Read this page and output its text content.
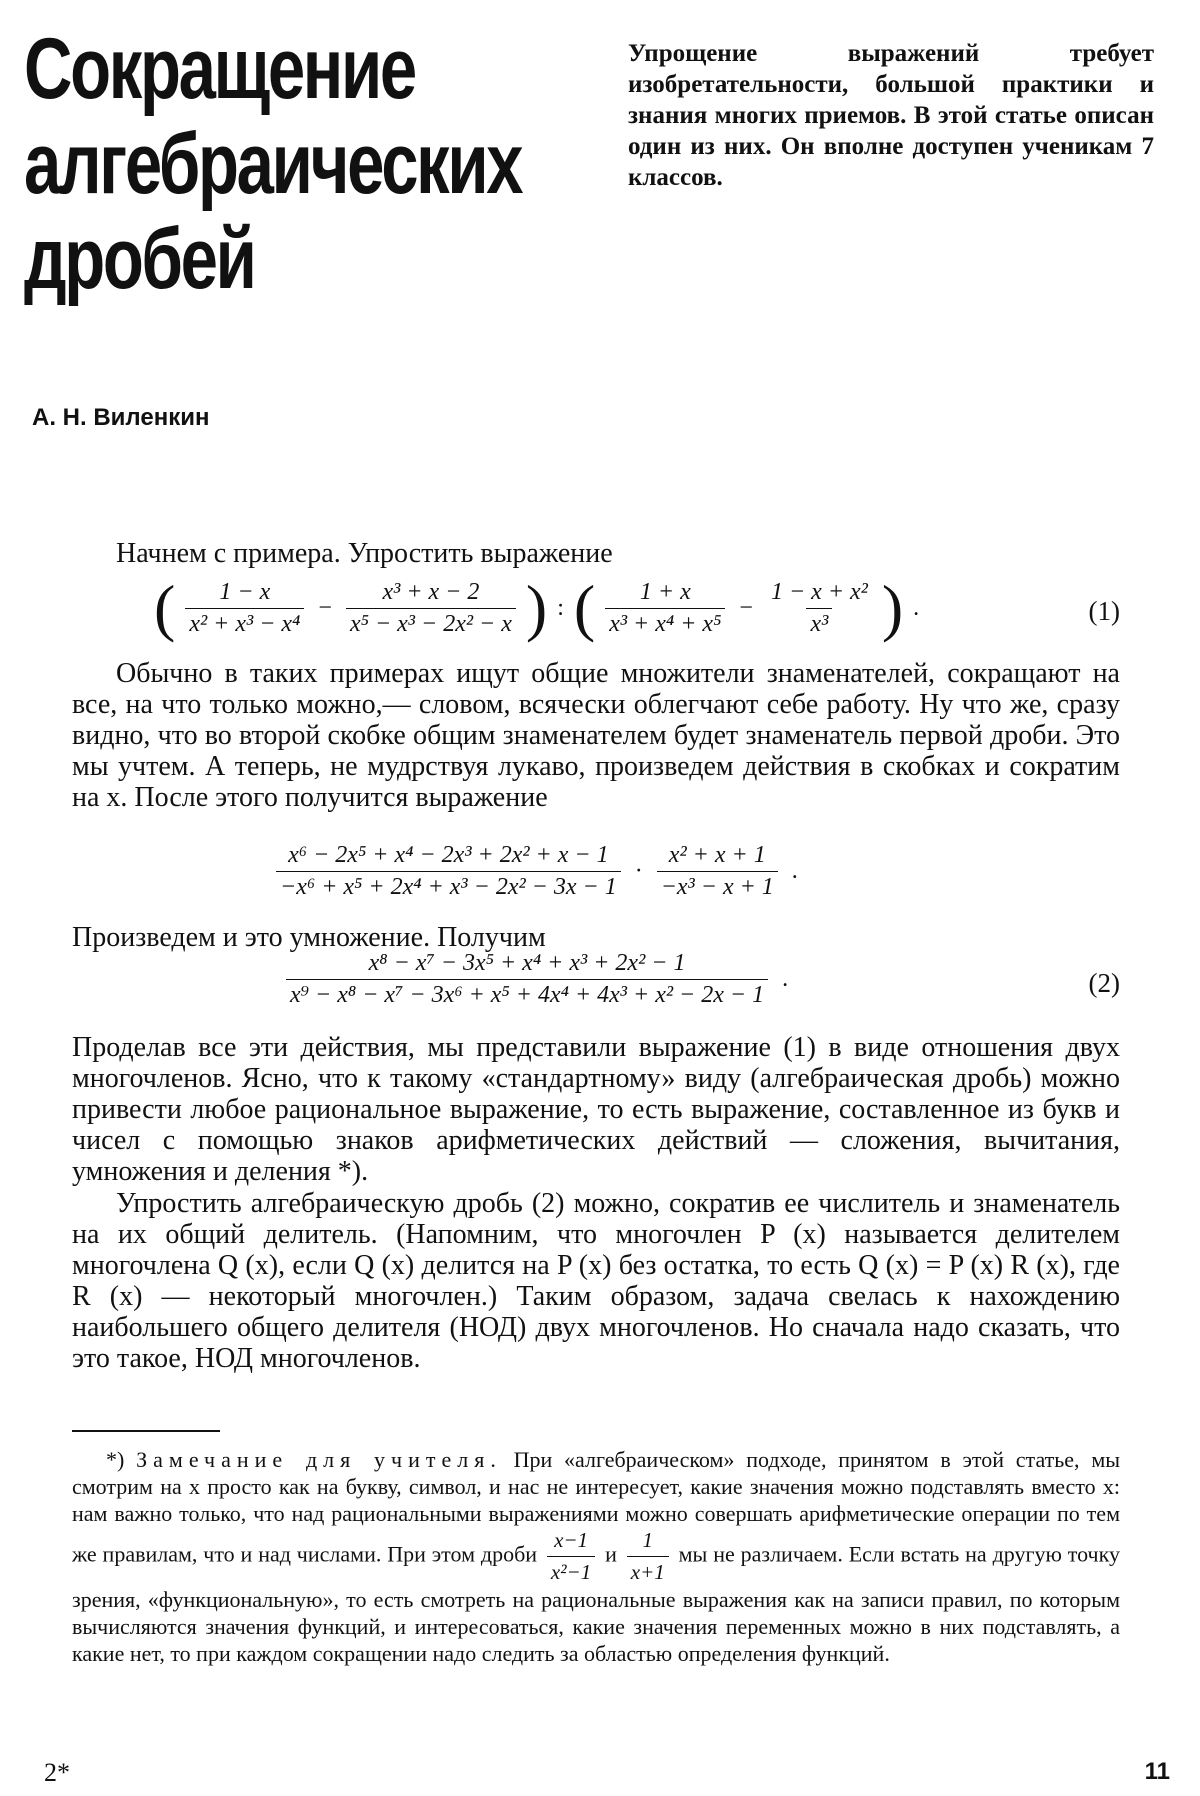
Сокращение
алгебраических
дробей
Упрощение выражений требует изобретательности, большой практики и знания многих приемов. В этой статье описан один из них. Он вполне доступен ученикам 7 классов.
А. Н. Виленкин
Начнем с примера. Упростить выражение
( $\frac{1 - x}{\text{x² + x³ − x⁴}} - \frac{\text{x³ + x − 2}}{\text{x⁵ − x³ − 2x² − x}}$ ) : ( $\frac{1 + x}{\text{x³ + x⁴ + x⁵}} - \frac{\text{1 − x + x²}}{\text{x³}}$ ) .	(1)
Обычно в таких примерах ищут общие множители знаменателей, сокращают на все, на что только можно,— словом, всячески облегчают себе работу. Ну что же, сразу видно, что во второй скобке общим знаменателем будет знаменатель первой дроби. Это мы учтем. А теперь, не мудрствуя лукаво, произведем действия в скобках и сократим на x. После этого получится выражение
$\frac{\text{x⁶ − 2x⁵ + x⁴ − 2x³ + 2x² + x − 1}}{\text{−x⁶ + x⁵ + 2x⁴ + x³ − 2x² − 3x − 1}} \cdot \frac{\text{x² + x + 1}}{\text{−x³ − x + 1}}$ .
Произведем и это умножение. Получим
$\frac{\text{x⁸ − x⁷ − 3x⁵ + x⁴ + x³ + 2x² − 1}}{\text{x⁹ − x⁸ − x⁷ − 3x⁶ + x⁵ + 4x⁴ + 4x³ + x² − 2x − 1}}$ .	(2)
Проделав все эти действия, мы представили выражение (1) в виде отношения двух многочленов. Ясно, что к такому «стандартному» виду (алгебраическая дробь) можно привести любое рациональное выражение, то есть выражение, составленное из букв и чисел с помощью знаков арифметических действий — сложения, вычитания, умножения и деления *).
Упростить алгебраическую дробь (2) можно, сократив ее числитель и знаменатель на их общий делитель. (Напомним, что многочлен P (x) называется делителем многочлена Q (x), если Q (x) делится на P (x) без остатка, то есть Q (x) = P (x) R (x), где R (x) — некоторый многочлен.) Таким образом, задача свелась к нахождению наибольшего общего делителя (НОД) двух многочленов. Но сначала надо сказать, что это такое, НОД многочленов.
*) Замечание для учителя. При «алгебраическом» подходе, принятом в этой статье, мы смотрим на x просто как на букву, символ, и нас не интересует, какие значения можно подставлять вместо x: нам важно только, что над рациональными выражениями можно совершать арифметические операции по тем же правилам, что и над числами. При этом дроби $\frac{x-1}{\text{x²−1}}$ и $\frac{1}{x+1}$ мы не различаем. Если встать на другую точку зрения, «функциональную», то есть смотреть на рациональные выражения как на записи правил, по которым вычисляются значения функций, и интересоваться, какие значения переменных можно в них подставлять, а какие нет, то при каждом сокращении надо следить за областью определения функций.
2*	11
